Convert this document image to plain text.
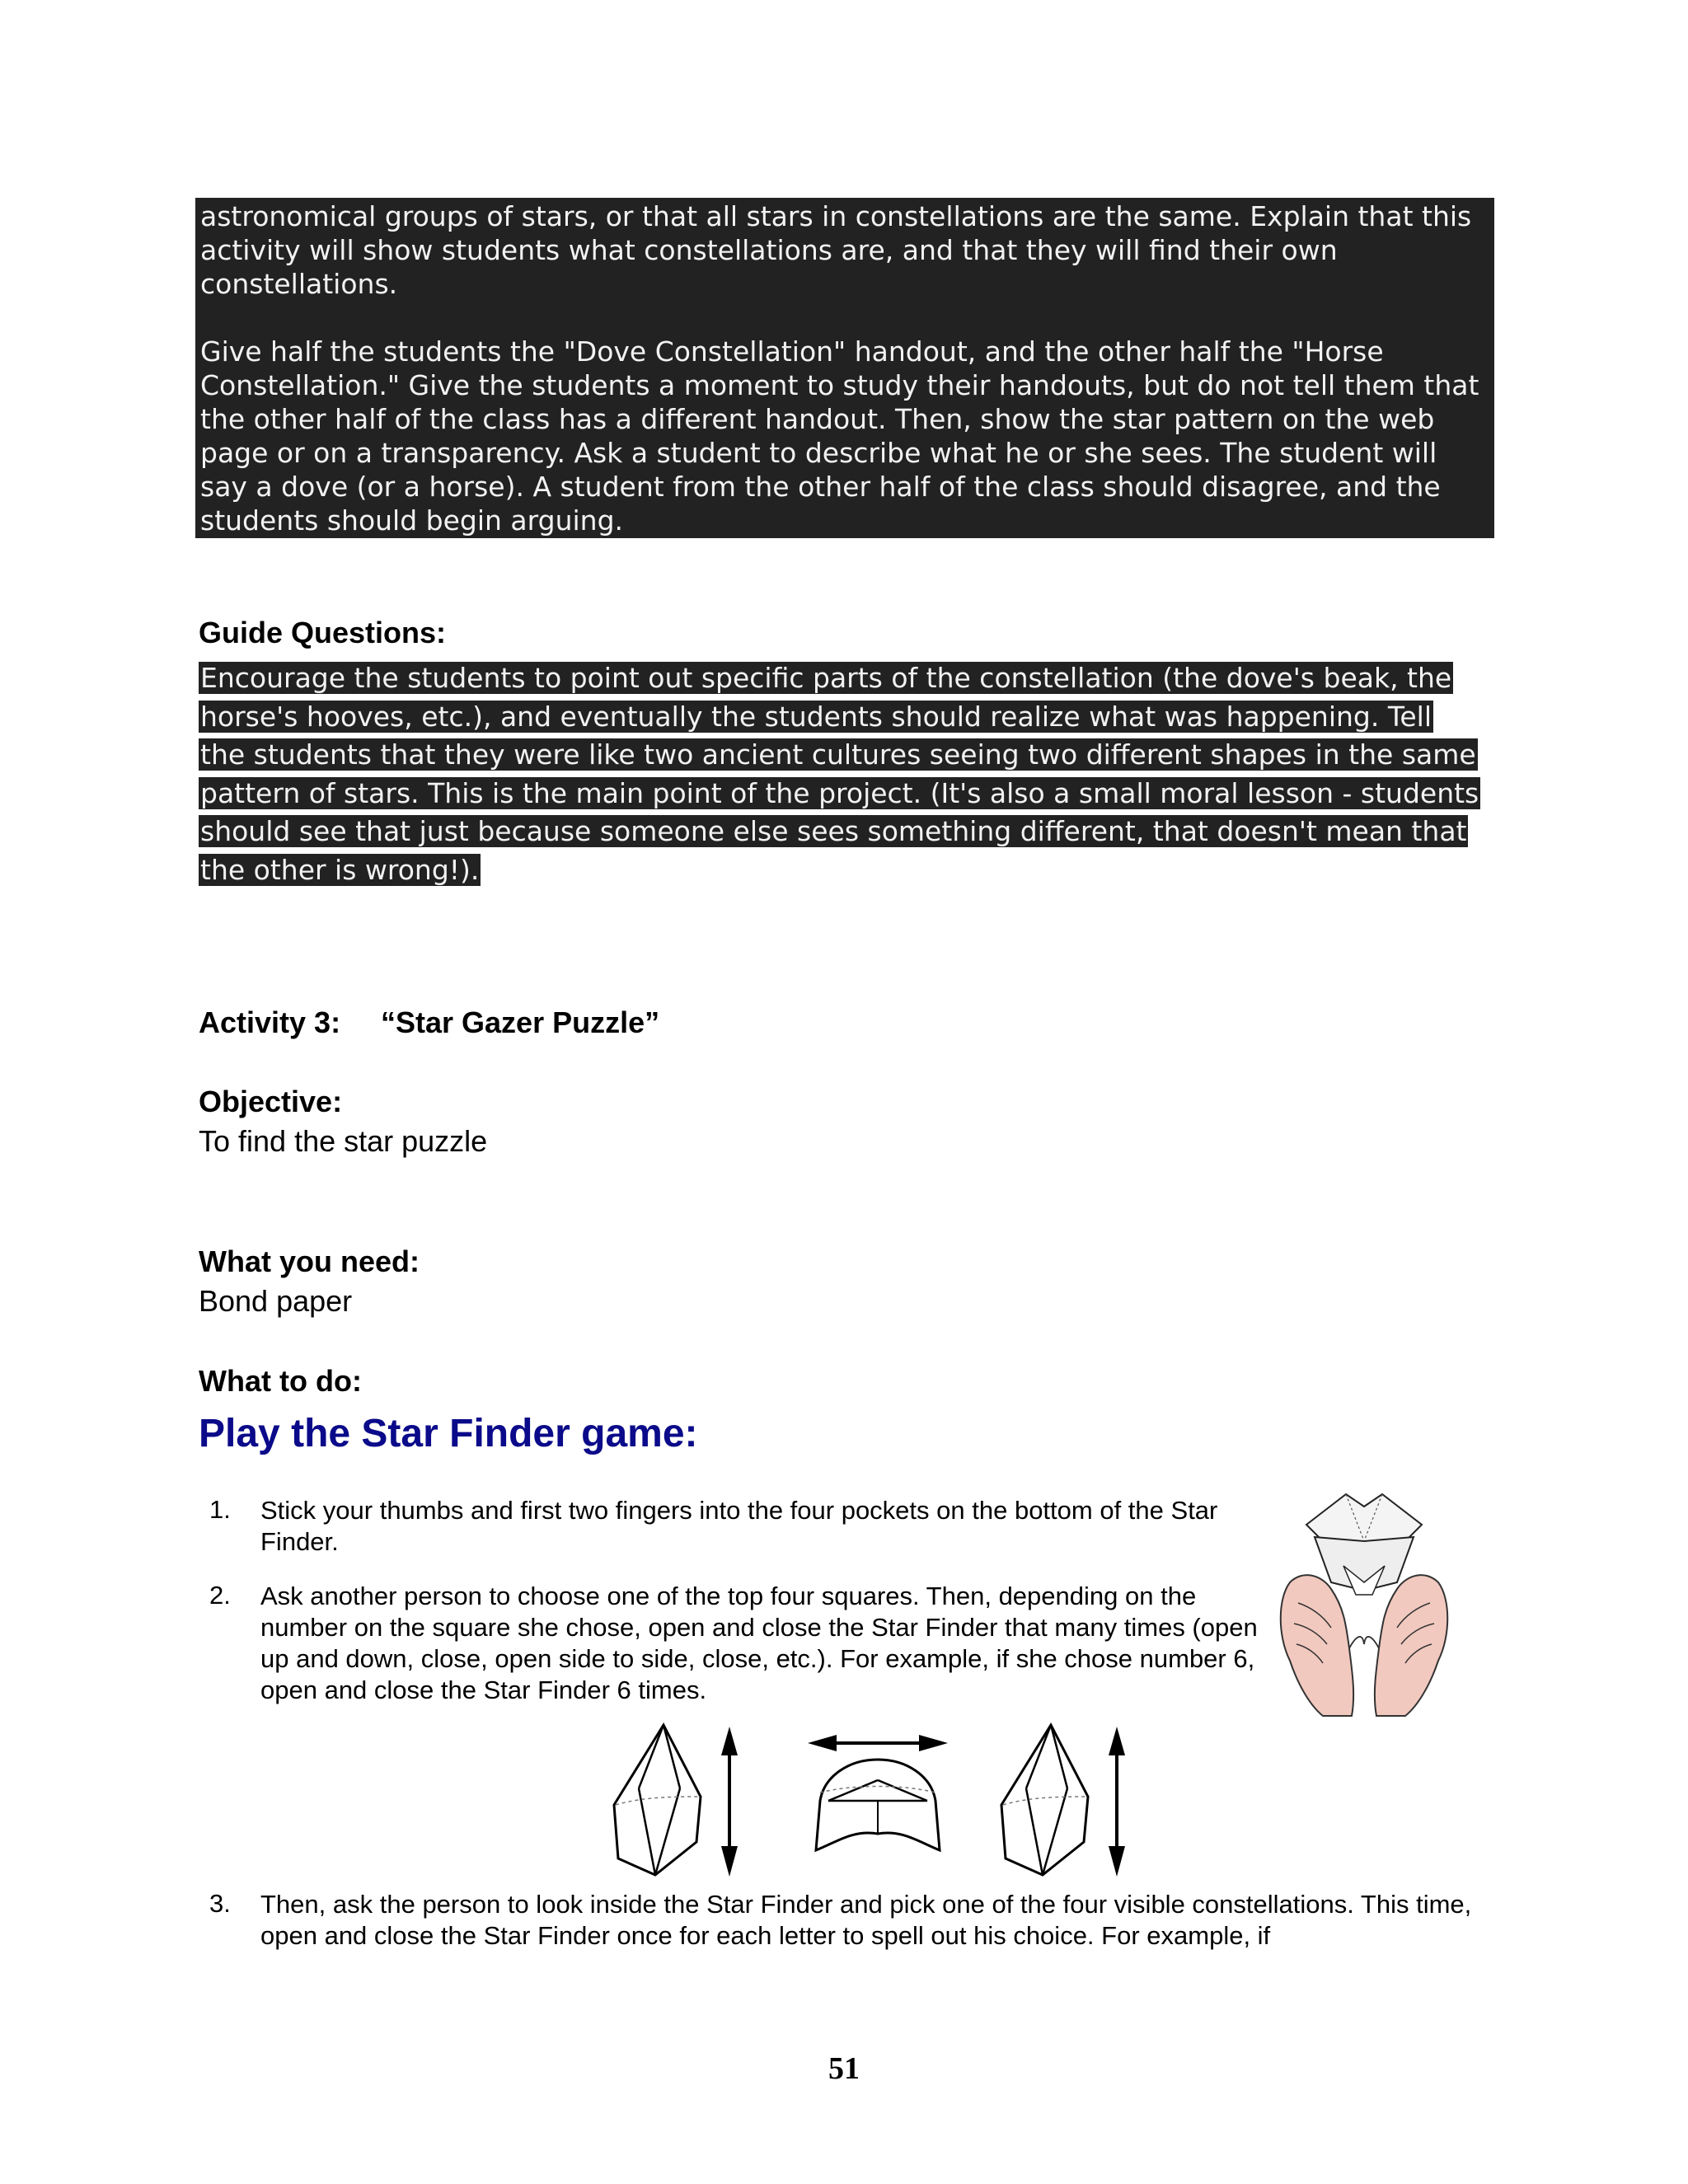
astronomical groups of stars, or that all stars in constellations are the same. Explain that this activity will show students what constellations are, and that they will find their own constellations.

Give half the students the "Dove Constellation" handout, and the other half the "Horse Constellation." Give the students a moment to study their handouts, but do not tell them that the other half of the class has a different handout. Then, show the star pattern on the web page or on a transparency. Ask a student to describe what he or she sees. The student will say a dove (or a horse). A student from the other half of the class should disagree, and the students should begin arguing.

Guide Questions:
Encourage the students to point out specific parts of the constellation (the dove's beak, the horse's hooves, etc.), and eventually the students should realize what was happening. Tell the students that they were like two ancient cultures seeing two different shapes in the same pattern of stars. This is the main point of the project. (It's also a small moral lesson - students should see that just because someone else sees something different, that doesn't mean that the other is wrong!).
Activity 3: “Star Gazer Puzzle”
Objective:
To find the star puzzle
What you need:
Bond paper
What to do:
Play the Star Finder game:
1. Stick your thumbs and first two fingers into the four pockets on the bottom of the Star Finder.
2. Ask another person to choose one of the top four squares. Then, depending on the number on the square she chose, open and close the Star Finder that many times (open up and down, close, open side to side, close, etc.). For example, if she chose number 6, open and close the Star Finder 6 times.
3. Then, ask the person to look inside the Star Finder and pick one of the four visible constellations. This time, open and close the Star Finder once for each letter to spell out his choice. For example, if
51
